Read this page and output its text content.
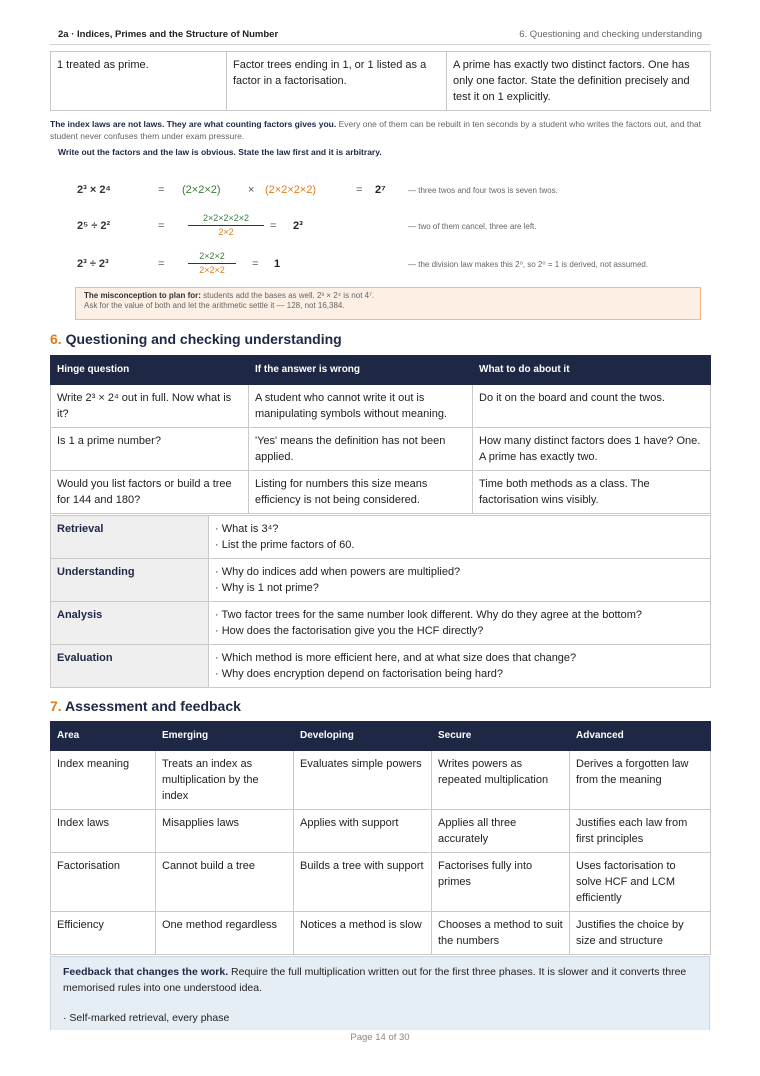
2a · Indices, Primes and the Structure of Number	6. Questioning and checking understanding
1 treated as prime.	Factor trees ending in 1, or 1 listed as a factor in a factorisation.	A prime has exactly two distinct factors. One has only one factor. State the definition precisely and test it on 1 explicitly.
The index laws are not laws. They are what counting factors gives you. Every one of them can be rebuilt in ten seconds by a student who writes the factors out, and that student never confuses them under exam pressure.
Write out the factors and the law is obvious. State the law first and it is arbitrary.
2³ × 2⁴	= (2×2×2) × (2×2×2×2)	= 2⁷	— three twos and four twos is seven twos.
2⁵ ÷ 2²	=	$\frac{2\times 2\times 2\times 2\times 2}{2\times 2} = 2^3$	— two of them cancel, three are left.
2³ ÷ 2³	=	$\frac{2\times 2\times 2}{2\times 2\times 2} = 1$	— the division law makes this 2⁰, so 2⁰ = 1 is derived, not assumed.
The misconception to plan for: students add the bases as well. 2³ × 2⁴ is not 4⁷.
Ask for the value of both and let the arithmetic settle it — 128, not 16,384.
6. Questioning and checking understanding
Hinge question	If the answer is wrong	What to do about it
Write 2³ × 2⁴ out in full. Now what is it?	A student who cannot write it out is manipulating symbols without meaning.	Do it on the board and count the twos.
Is 1 a prime number?	'Yes' means the definition has not been applied.	How many distinct factors does 1 have? One. A prime has exactly two.
Would you list factors or build a tree for 144 and 180?	Listing for numbers this size means efficiency is not being considered.	Time both methods as a class. The factorisation wins visibly.
Retrieval	· What is 3⁴?
· List the prime factors of 60.

Understanding	· Why do indices add when powers are multiplied?
· Why is 1 not prime?

Analysis	· Two factor trees for the same number look different. Why do they agree at the bottom?
· How does the factorisation give you the HCF directly?

Evaluation	· Which method is more efficient here, and at what size does that change?
· Why does encryption depend on factorisation being hard?
7. Assessment and feedback
Area	Emerging	Developing	Secure	Advanced
Index meaning	Treats an index as multiplication by the index	Evaluates simple powers	Writes powers as repeated multiplication	Derives a forgotten law from the meaning
Index laws	Misapplies laws	Applies with support	Applies all three accurately	Justifies each law from first principles
Factorisation	Cannot build a tree	Builds a tree with support	Factorises fully into primes	Uses factorisation to solve HCF and LCM efficiently
Efficiency	One method regardless	Notices a method is slow	Chooses a method to suit the numbers	Justifies the choice by size and structure
Feedback that changes the work. Require the full multiplication written out for the first three phases. It is slower and it converts three memorised rules into one understood idea.
· Self-marked retrieval, every phase
Page 14 of 30
